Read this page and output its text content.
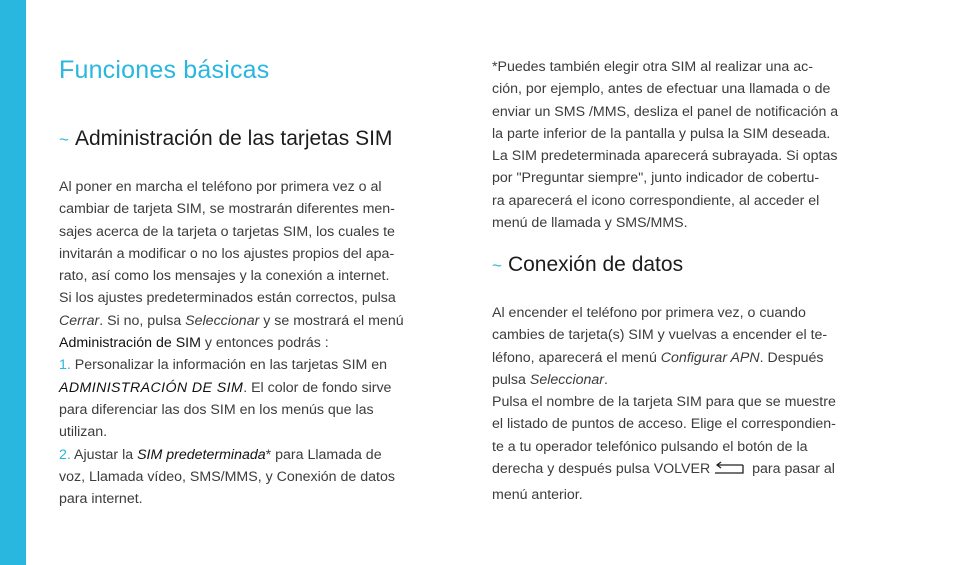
Funciones básicas
~ Administración de las tarjetas SIM
Al poner en marcha el teléfono por primera vez o al
cambiar de tarjeta SIM, se mostrarán diferentes men-
sajes acerca de la tarjeta o tarjetas SIM, los cuales te
invitarán a modificar o no los ajustes propios del apa-
rato, así como los mensajes y la conexión a internet.
Si los ajustes predeterminados están correctos, pulsa
Cerrar. Si no, pulsa Seleccionar y se mostrará el menú
Administración de SIM y entonces podrás :
1. Personalizar la información en las tarjetas SIM en
ADMINISTRACIÓN DE SIM. El color de fondo sirve
para diferenciar las dos SIM en los menús que las
utilizan.
2. Ajustar la SIM predeterminada* para Llamada de
voz, Llamada vídeo, SMS/MMS, y Conexión de datos
para internet.
*Puedes también elegir otra SIM al realizar una ac-
ción, por ejemplo, antes de efectuar una llamada o de
enviar un SMS /MMS, desliza el panel de notificación a
la parte inferior de la pantalla y pulsa la SIM deseada.
La SIM predeterminada aparecerá subrayada. Si optas
por "Preguntar siempre", junto indicador de cobertu-
ra aparecerá el icono correspondiente, al acceder el
menú de llamada y SMS/MMS.
~ Conexión de datos
Al encender el teléfono por primera vez, o cuando
cambies de tarjeta(s) SIM y vuelvas a encender el te-
léfono, aparecerá el menú Configurar APN. Después
pulsa Seleccionar.
Pulsa el nombre de la tarjeta SIM para que se muestre
el listado de puntos de acceso. Elige el correspondien-
te a tu operador telefónico pulsando el botón de la
derecha y después pulsa VOLVER	para pasar al
menú anterior.
